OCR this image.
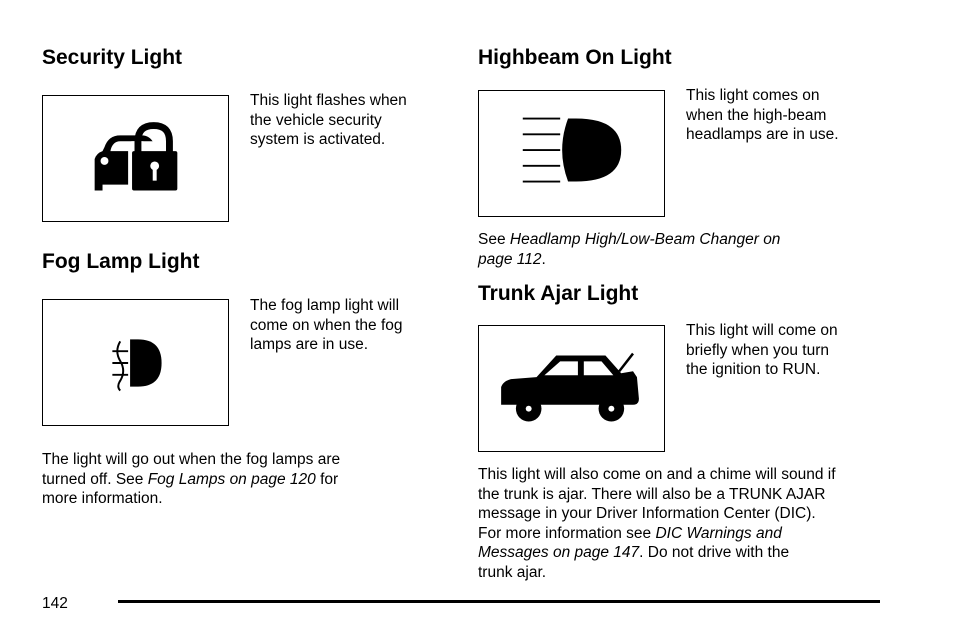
Security Light
This light flashes when
the vehicle security
system is activated.
Fog Lamp Light
The fog lamp light will
come on when the fog
lamps are in use.
The light will go out when the fog lamps are
turned off. See Fog Lamps on page 120 for
more information.
Highbeam On Light
This light comes on
when the high-beam
headlamps are in use.
See Headlamp High/Low-Beam Changer on
page 112.
Trunk Ajar Light
This light will come on
briefly when you turn
the ignition to RUN.
This light will also come on and a chime will sound if
the trunk is ajar. There will also be a TRUNK AJAR
message in your Driver Information Center (DIC).
For more information see DIC Warnings and
Messages on page 147. Do not drive with the
trunk ajar.
142
